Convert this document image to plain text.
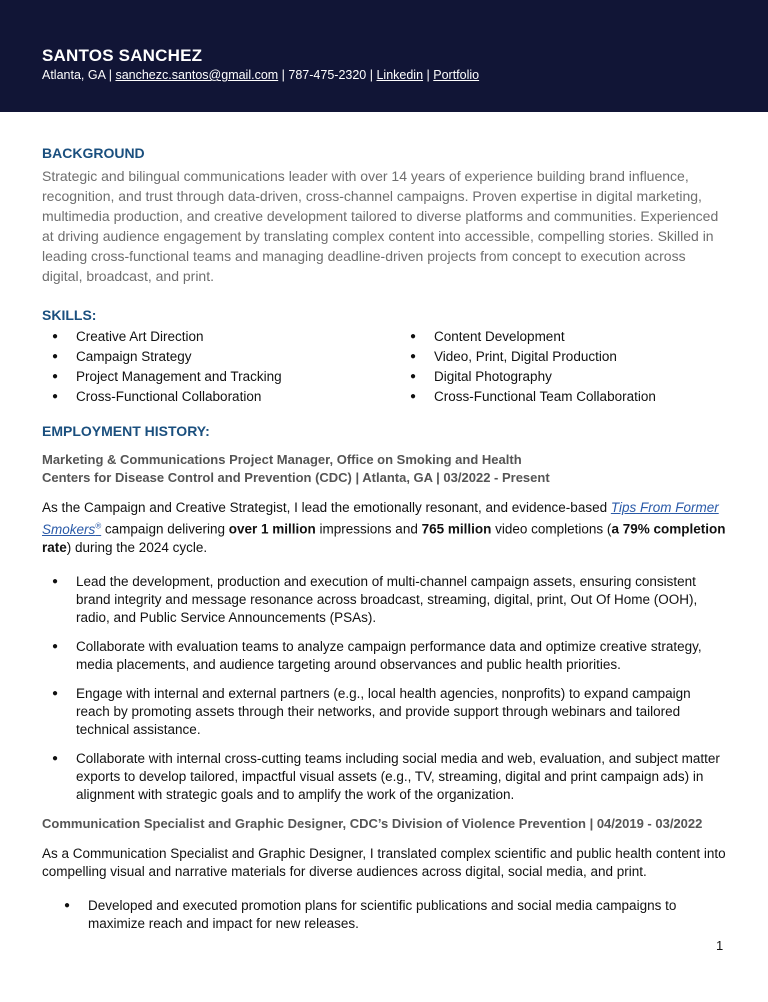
SANTOS SANCHEZ
Atlanta, GA | sanchezc.santos@gmail.com | 787-475-2320 | Linkedin | Portfolio
BACKGROUND

Strategic and bilingual communications leader with over 14 years of experience building brand influence, recognition, and trust through data-driven, cross-channel campaigns. Proven expertise in digital marketing, multimedia production, and creative development tailored to diverse platforms and communities. Experienced at driving audience engagement by translating complex content into accessible, compelling stories. Skilled in leading cross-functional teams and managing deadline-driven projects from concept to execution across digital, broadcast, and print.

SKILLS:
● Creative Art Direction
● Campaign Strategy
● Project Management and Tracking
● Cross-Functional Collaboration
● Content Development
● Video, Print, Digital Production
● Digital Photography
● Cross-Functional Team Collaboration
EMPLOYMENT HISTORY:
Marketing & Communications Project Manager, Office on Smoking and Health
Centers for Disease Control and Prevention (CDC) | Atlanta, GA | 03/2022 - Present
As the Campaign and Creative Strategist, I lead the emotionally resonant, and evidence-based Tips From Former Smokers® campaign delivering over 1 million impressions and 765 million video completions (a 79% completion rate) during the 2024 cycle.
● Lead the development, production and execution of multi-channel campaign assets, ensuring consistent brand integrity and message resonance across broadcast, streaming, digital, print, Out Of Home (OOH), radio, and Public Service Announcements (PSAs).
● Collaborate with evaluation teams to analyze campaign performance data and optimize creative strategy, media placements, and audience targeting around observances and public health priorities.
● Engage with internal and external partners (e.g., local health agencies, nonprofits) to expand campaign reach by promoting assets through their networks, and provide support through webinars and tailored technical assistance.
● Collaborate with internal cross-cutting teams including social media and web, evaluation, and subject matter exports to develop tailored, impactful visual assets (e.g., TV, streaming, digital and print campaign ads) in alignment with strategic goals and to amplify the work of the organization.
Communication Specialist and Graphic Designer, CDC’s Division of Violence Prevention | 04/2019 - 03/2022
As a Communication Specialist and Graphic Designer, I translated complex scientific and public health content into compelling visual and narrative materials for diverse audiences across digital, social media, and print.
● Developed and executed promotion plans for scientific publications and social media campaigns to maximize reach and impact for new releases.
1
